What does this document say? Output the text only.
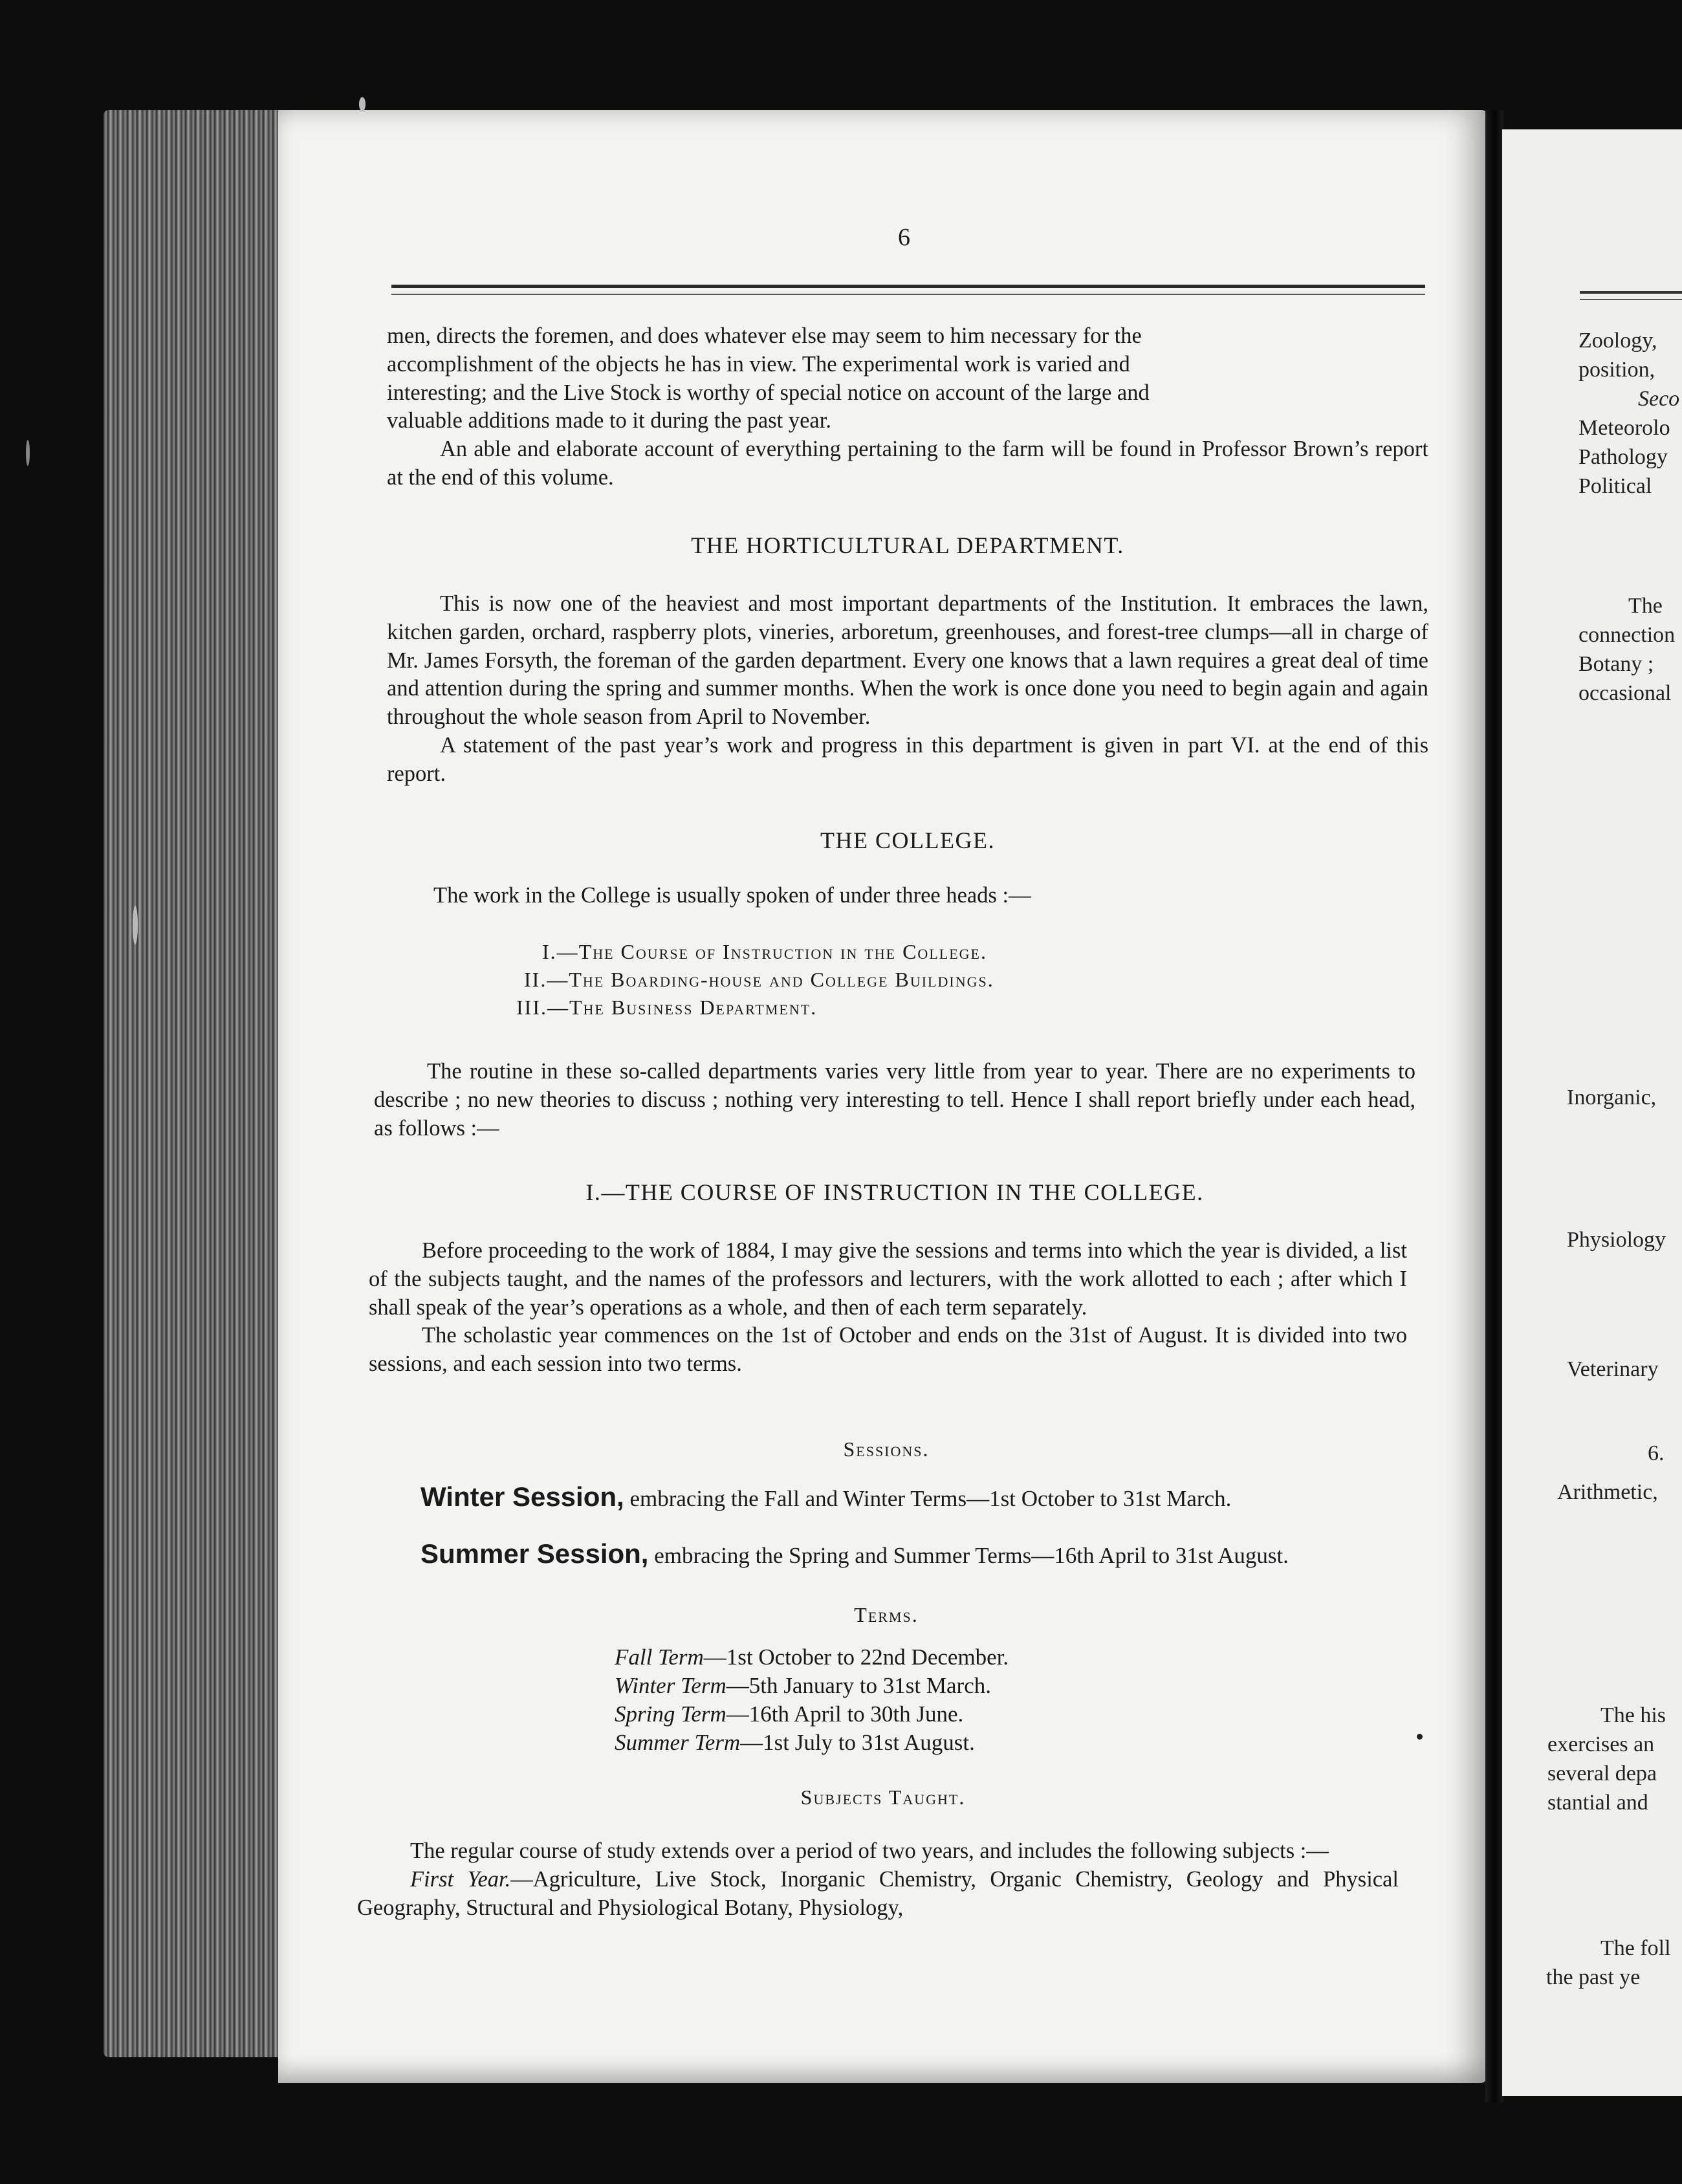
Zoology,
position,
Seco
Meteorolo
Pathology
Political
The
connection
Botany ;
occasional
Inorganic,
Physiology
Veterinary
6.
Arithmetic,
The his
exercises an
several depa
stantial and
The foll
the past ye
6

men, directs the foremen, and does whatever else may seem to him necessary for the

accomplishment of the objects he has in view. The experimental work is varied and

interesting; and the Live Stock is worthy of special notice on account of the large and

valuable additions made to it during the past year.

An able and elaborate account of everything pertaining to the farm will be found in Professor Brown’s report at the end of this volume.

THE HORTICULTURAL DEPARTMENT.

This is now one of the heaviest and most important departments of the Institution. It embraces the lawn, kitchen garden, orchard, raspberry plots, vineries, arboretum, greenhouses, and forest-tree clumps—all in charge of Mr. James Forsyth, the foreman of the garden department. Every one knows that a lawn requires a great deal of time and attention during the spring and summer months. When the work is once done you need to begin again and again throughout the whole season from April to November.

A statement of the past year’s work and progress in this department is given in part VI. at the end of this report.

THE COLLEGE.
The work in the College is usually spoken of under three heads :—
I.—The Course of Instruction in the College.
II.—The Boarding-house and College Buildings.
III.—The Business Department.

The routine in these so-called departments varies very little from year to year. There are no experiments to describe ; no new theories to discuss ; nothing very interesting to tell. Hence I shall report briefly under each head, as follows :—

I.—THE COURSE OF INSTRUCTION IN THE COLLEGE.

Before proceeding to the work of 1884, I may give the sessions and terms into which the year is divided, a list of the subjects taught, and the names of the professors and lecturers, with the work allotted to each ; after which I shall speak of the year’s operations as a whole, and then of each term separately.

The scholastic year commences on the 1st of October and ends on the 31st of August. It is divided into two sessions, and each session into two terms.

Sessions.
Winter Session, embracing the Fall and Winter Terms—1st October to 31st March.
Summer Session, embracing the Spring and Summer Terms—16th April to 31st August.
Terms.
Fall Term—1st October to 22nd December.
Winter Term—5th January to 31st March.
Spring Term—16th April to 30th June.
Summer Term—1st July to 31st August.
Subjects Taught.

The regular course of study extends over a period of two years, and includes the following subjects :—

First Year.—Agriculture, Live Stock, Inorganic Chemistry, Organic Chemistry, Geology and Physical Geography, Structural and Physiological Botany, Physiology,
